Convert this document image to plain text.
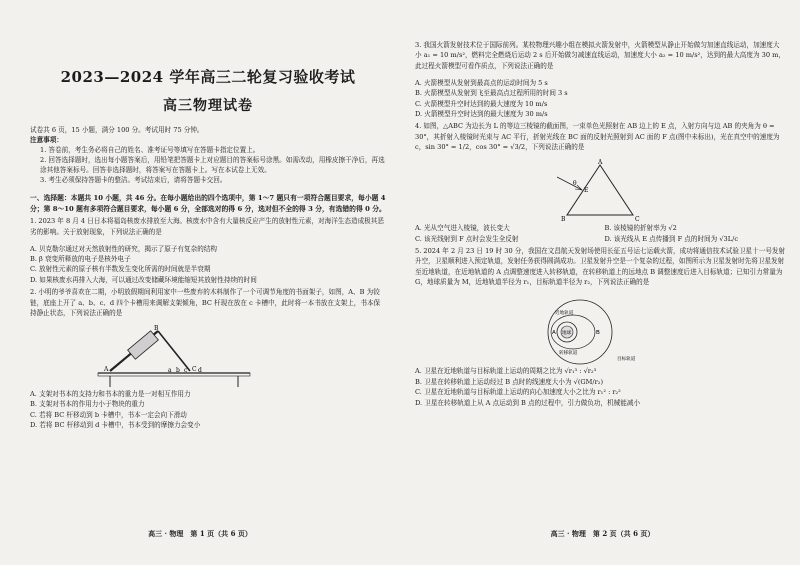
2023—2024 学年高三二轮复习验收考试
高三物理试卷

试卷共 6 页，15 小题，满分 100 分。考试用时 75 分钟。

注意事项：

1. 答卷前，考生务必将自己的姓名、准考证号等填写在答题卡指定位置上。

2. 回答选择题时，选出每小题答案后，用铅笔把答题卡上对应题目的答案标号涂黑。如需改动，用橡皮擦干净后，再选涂其他答案标号。回答非选择题时，将答案写在答题卡上。写在本试卷上无效。

3. 考生必须保持答题卡的整洁。考试结束后，请将答题卡交回。

一、选择题：本题共 10 小题，共 46 分。在每小题给出的四个选项中，第 1～7 题只有一项符合题目要求，每小题 4 分；第 8～10 题有多项符合题目要求，每小题 6 分，全部选对的得 6 分，选对但不全的得 3 分，有选错的得 0 分。

1. 2023 年 8 月 4 日日本将福岛核废水排放至大海。核废水中含有大量核反应产生的放射性元素，对海洋生态造成极其恶劣的影响。关于放射现象，下列说法正确的是

A. 贝克勒尔通过对天然放射性的研究，揭示了原子有复杂的结构

B. β 衰变所释放的电子是核外电子

C. 放射性元素的原子核有半数发生变化所需的时间就是半衰期

D. 如果核废水再排入大海，可以通过改变储藏环境能缩短其放射性持续的时间

2. 小明的爷爷喜欢在二期，小明放假期间利用家中一些废弃的木料制作了一个可调节角度的书面架子，如图，A、B 为铰链，底座上开了 a、b、c、d 四个卡槽用来调解支架倾角，BC 杆现在放在 c 卡槽中，此时将一本书放在支架上，书本保持静止状态，下列说法正确的是

A
B
C
a b c d

A. 支架对书本的支持力和书本的重力是一对相互作用力

B. 支架对书本的作用力小于物块的重力

C. 若将 BC 杆移动到 b 卡槽中，书本一定会向下滑动

D. 若将 BC 杆移动到 d 卡槽中，书本受到的摩擦力会变小

高三 · 物理　第 1 页（共 6 页）

3. 我国火箭发射技术位于国际前列。某校物理兴趣小组在模拟火箭发射中，火箭模型从静止开始做匀加速直线运动，加速度大小 a₁ = 10 m/s²，燃料完全燃烧后运动 2 s 后开始做匀减速直线运动，加速度大小 a₂ = 10 m/s²，达到的最大高度为 30 m，此过程火箭模型可看作质点，下列说法正确的是

A. 火箭模型从发射到最高点的运动时间为 5 s

B. 火箭模型从发射到飞至最高点过程所用的时间 3 s

C. 火箭模型升空时达到的最大速度为 10 m/s

D. 火箭模型升空时达到的最大速度为 30 m/s

4. 如图，△ABC 为边长为 L 的等边三棱镜的截面图，一束单色光照射在 AB 边上的 E 点，入射方向与边 AB 的夹角为 θ = 30°，其折射入棱镜时光束与 AC 平行，折射光线在 BC 面的反射光照射到 AC 面的 F 点(图中未标出)，光在真空中的速度为 c，sin 30° = 1/2，cos 30° = √3/2，下列说法正确的是

A
B	C
E
θ

A. 光从空气进入棱镜，波长变大	B. 该棱镜的折射率为 √2

C. 该光线射到 F 点时会发生全反射	D. 该光线从 E 点传播到 F 点的时间为 √3L/c

5. 2024 年 2 月 23 日 19 时 30 分，我国在文昌航天发射场使用长征五号运七运载火箭，成功将通信技术试验卫星十一号发射升空，卫星顺利进入预定轨道，发射任务获得圆满成功。卫星发射升空是一个复杂的过程，如图所示为卫星发射时先将卫星发射至近地轨道，在近地轨道的 A 点调整速度进入转移轨道，在转移轨道上的远地点 B 调整速度后进入目标轨道；已知引力常量为 G，地球质量为 M，近地轨道半径为 r₁，目标轨道半径为 r₂，下列说法正确的是

近地轨道
地球
转移轨道
目标轨道
A	B

A. 卫星在近地轨道与目标轨道上运动的周期之比为 √r₁³ : √r₂³

B. 卫星在转移轨道上运动经过 B 点时的线速度大小为 √(GM/r₂)

C. 卫星在近地轨道与目标轨道上运动的向心加速度大小之比为 r₁² : r₂²

D. 卫星在转移轨道上从 A 点运动到 B 点的过程中，引力做负功，机械能减小

高三 · 物理　第 2 页（共 6 页）
